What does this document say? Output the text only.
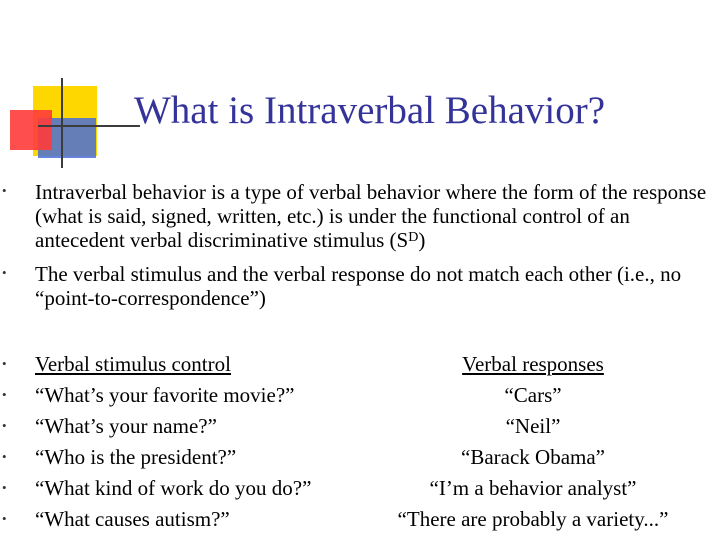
What is Intraverbal Behavior?
• Intraverbal behavior is a type of verbal behavior where the form of the response (what is said, signed, written, etc.) is under the functional control of an antecedent verbal discriminative stimulus $(S^D)$
• The verbal stimulus and the verbal response do not match each other (i.e., no “point-to-correspondence”)
•
•
•
•
•
•
Verbal stimulus control	Verbal responses
“What’s your favorite movie?”	“Cars”
“What’s your name?”	“Neil”
“Who is the president?”	“Barack Obama”
“What kind of work do you do?”	“I’m a behavior analyst”
“What causes autism?”	“There are probably a variety...”
